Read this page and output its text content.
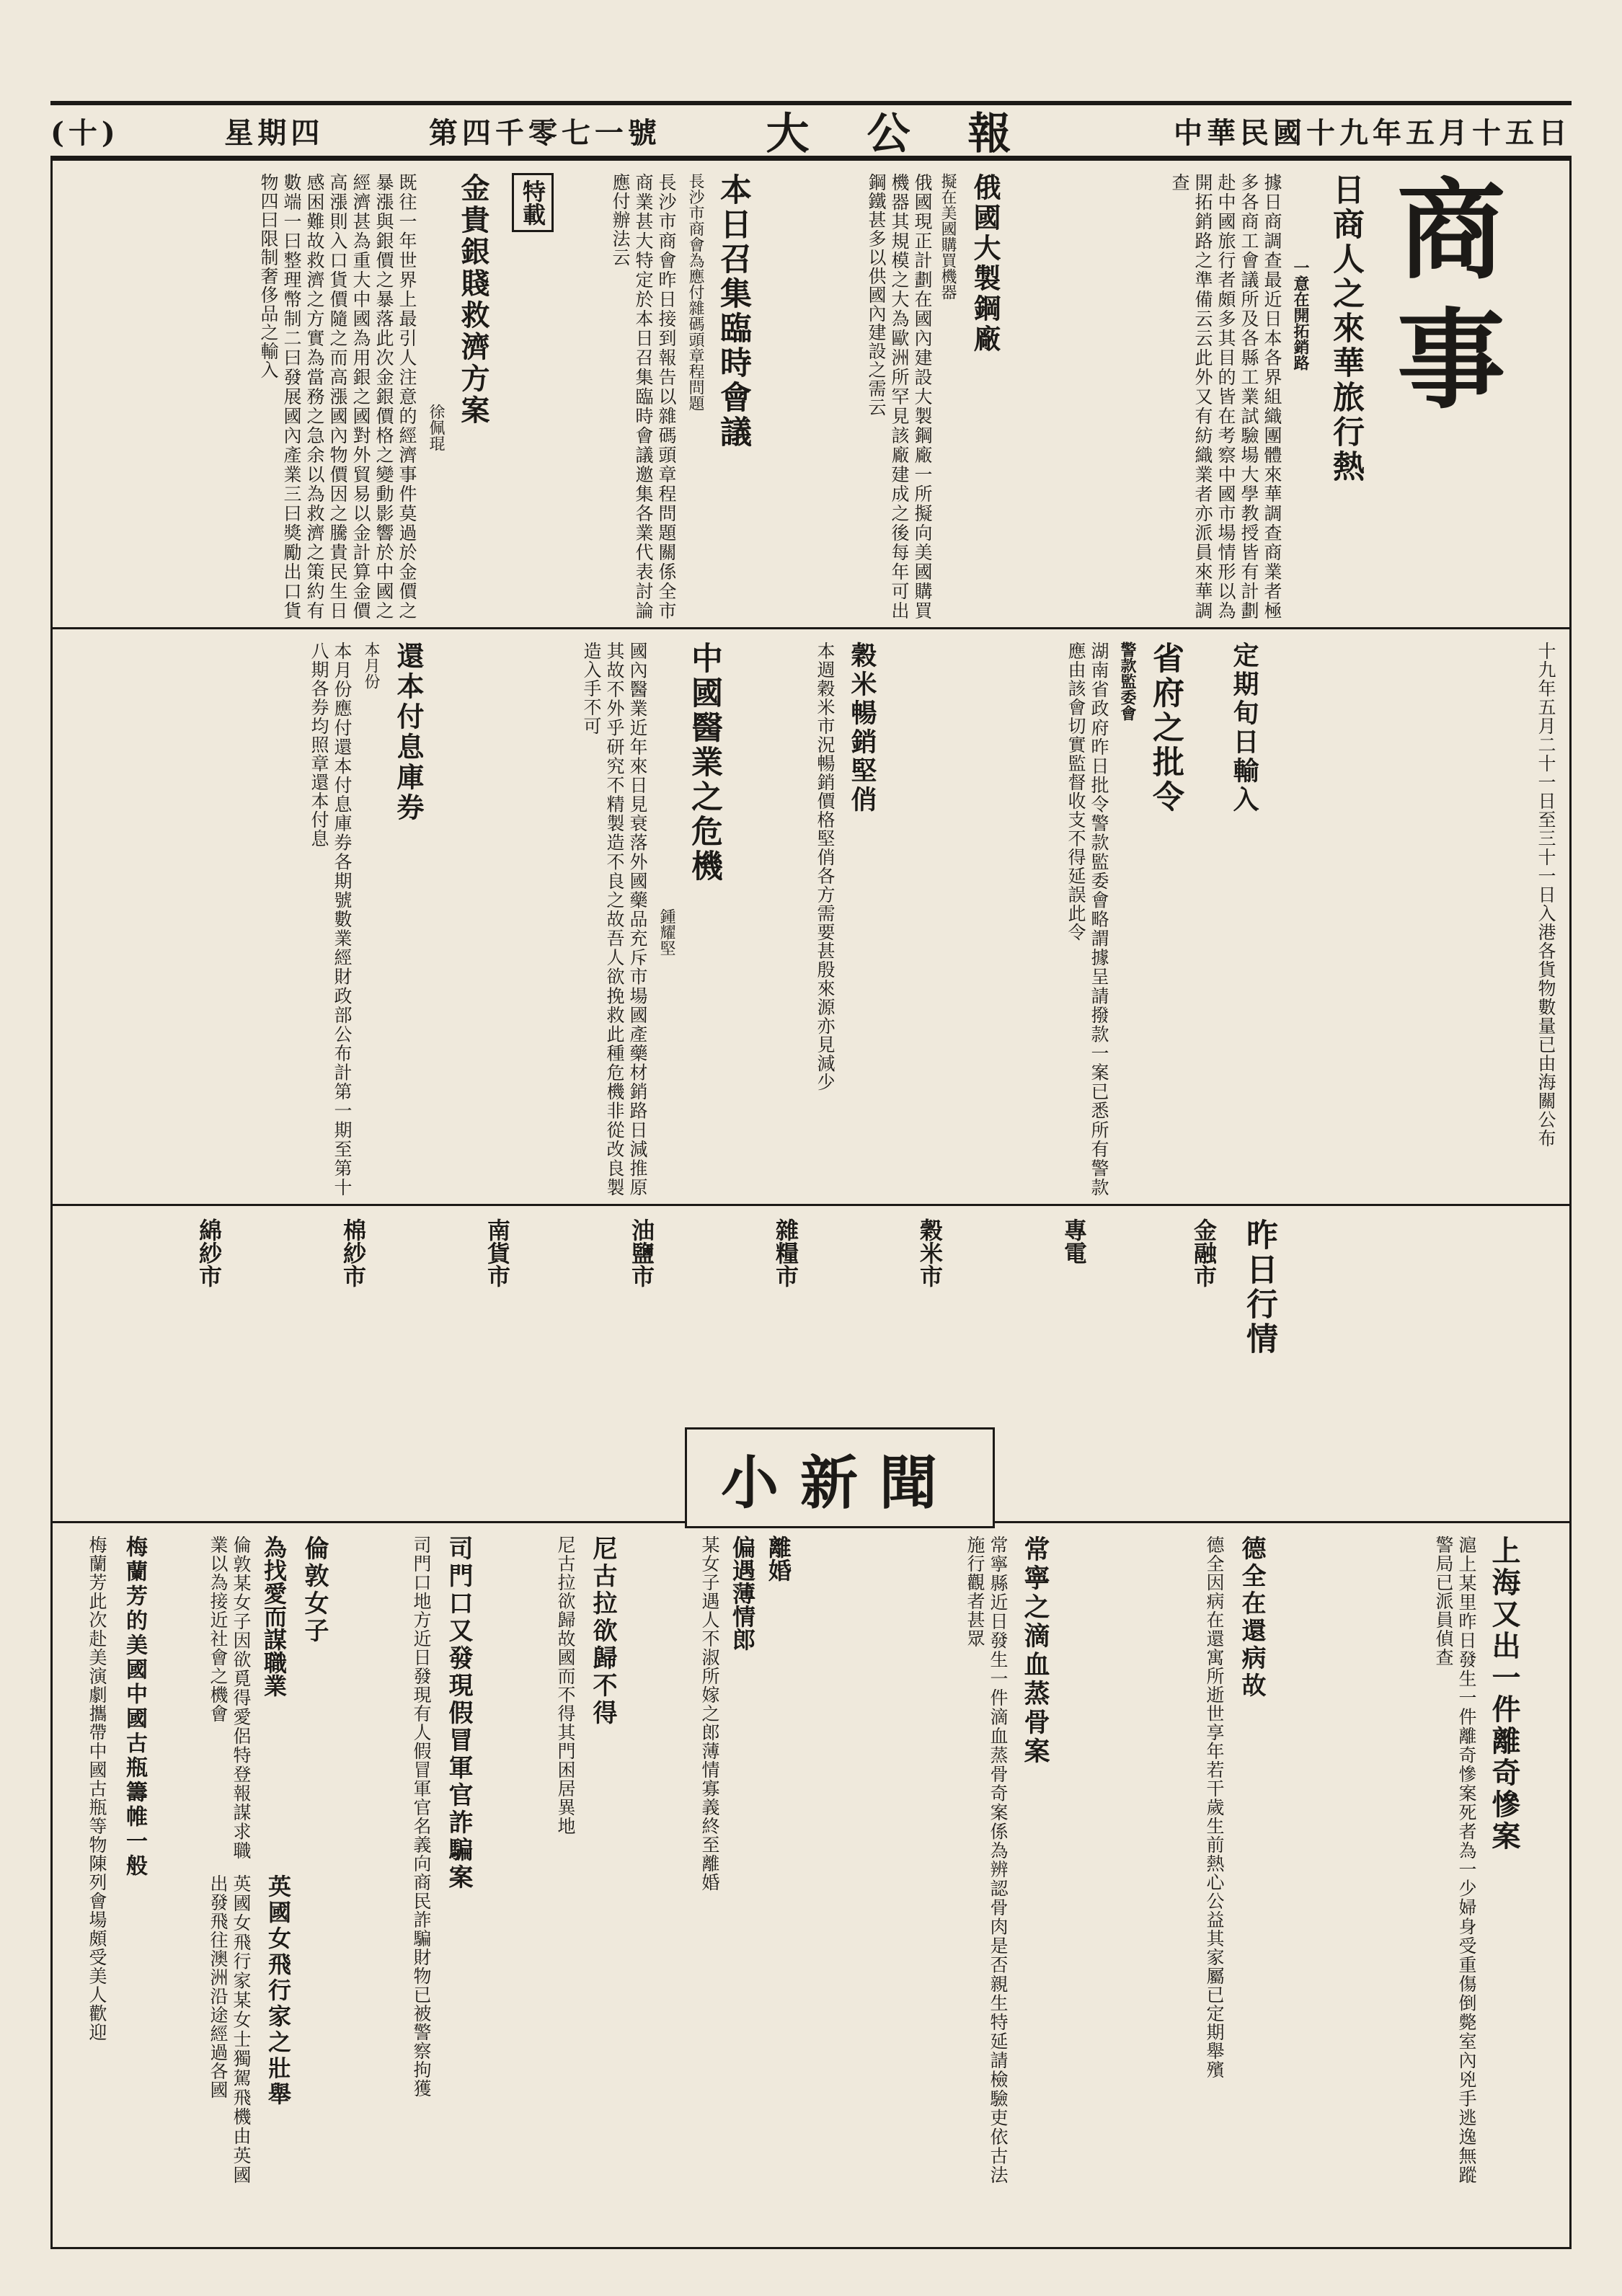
中華民國十九年五月十五日
大公報
第四千零七一號
星期四
(十)
商事
日商人之來華旅行熱
一意在開拓銷路
據日商調查最近日本各界組織團體來華調查商業者極多各商工會議所及各縣工業試驗場大學教授皆有計劃赴中國旅行者頗多其目的皆在考察中國市場情形以為開拓銷路之準備云云此外又有紡織業者亦派員來華調查
俄國大製鋼廠
擬在美國購買機器
俄國現正計劃在國內建設大製鋼廠一所擬向美國購買機器其規模之大為歐洲所罕見該廠建成之後每年可出鋼鐵甚多以供國內建設之需云
本日召集臨時會議
長沙市商會
為應付雜碼頭章程問題
長沙市商會昨日接到報告以雜碼頭章程問題關係全市商業甚大特定於本日召集臨時會議邀集各業代表討論應付辦法云
特載
金貴銀賤救濟方案
徐佩琨
既往一年世界上最引人注意的經濟事件莫過於金價之暴漲與銀價之暴落此次金銀價格之變動影響於中國之經濟甚為重大中國為用銀之國對外貿易以金計算金價高漲則入口貨價隨之而高漲國內物價因之騰貴民生日感困難故救濟之方實為當務之急余以為救濟之策約有數端一曰整理幣制二曰發展國內產業三曰獎勵出口貨物四曰限制奢侈品之輸入
十九年五月二十一日至三十一日入港各貨物數量已由海關公布
定期旬日輸入
省府之批令
警款監委會
湖南省政府昨日批令警款監委會略謂據呈請撥款一案已悉所有警款應由該會切實監督收支不得延誤此令
穀米暢銷堅俏
本週穀米市況暢銷價格堅俏各方需要甚殷來源亦見減少
中國醫業之危機
鍾耀堅
國內醫業近年來日見衰落外國藥品充斥市場國產藥材銷路日減推原其故不外乎研究不精製造不良之故吾人欲挽救此種危機非從改良製造入手不可
還本付息庫券
本月份
本月份應付還本付息庫券各期號數業經財政部公布計第一期至第十八期各券均照章還本付息
昨日行情
金融市
專電
穀米市
雜糧市
油鹽市
南貨市
棉紗市
綿紗市
小新聞
上海又出一件離奇慘案
滬上某里昨日發生一件離奇慘案死者為一少婦身受重傷倒斃室內兇手逃逸無蹤警局已派員偵查
德全在還病故
德全因病在還寓所逝世享年若干歲生前熱心公益其家屬已定期舉殯
常寧之滴血蒸骨案
常寧縣近日發生一件滴血蒸骨奇案係為辨認骨肉是否親生特延請檢驗吏依古法施行觀者甚眾
離婚
偏遇薄情郎
某女子遇人不淑所嫁之郎薄情寡義終至離婚
尼古拉欲歸不得
尼古拉欲歸故國而不得其門困居異地
司門口又發現假冒軍官詐騙案
司門口地方近日發現有人假冒軍官名義向商民詐騙財物已被警察拘獲
倫敦女子
為找愛而謀職業
倫敦某女子因欲覓得愛侶特登報謀求職業以為接近社會之機會
梅蘭芳的美國中國古瓶籌帷一般
梅蘭芳此次赴美演劇攜帶中國古瓶等物陳列會場頗受美人歡迎	英國女飛行家之壯舉
英國女飛行家某女士獨駕飛機由英國出發飛往澳洲沿途經過各國
